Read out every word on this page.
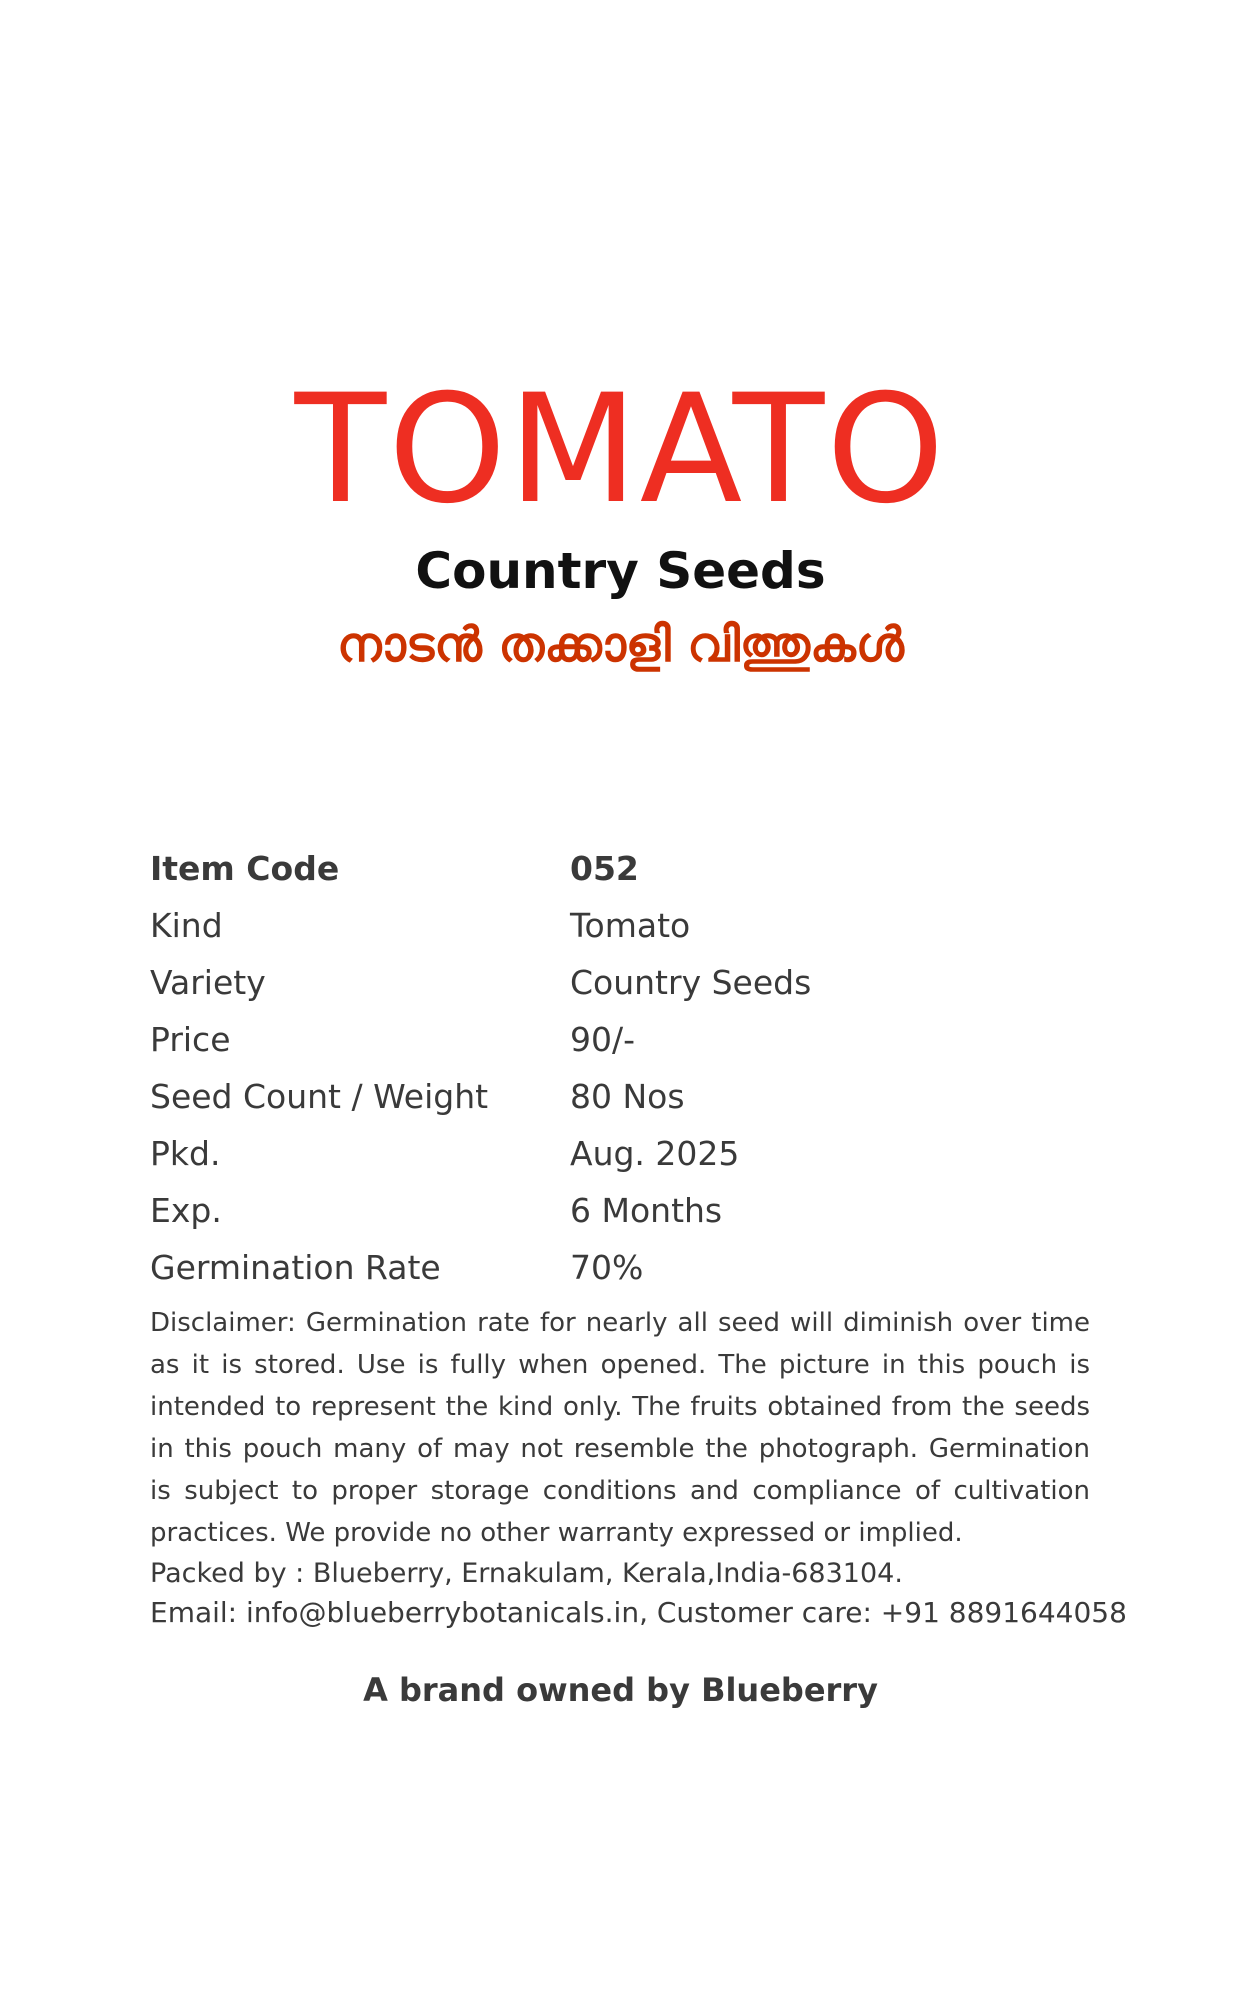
TOMATO
Country Seeds
നാടൻ തക്കാളി വിത്തുകൾ
Item Code	052
Kind	Tomato
Variety	Country Seeds
Price	90/-
Seed Count / Weight 80 Nos
Pkd.	Aug. 2025
Exp.	6 Months
Germination Rate	70%
Disclaimer: Germination rate for nearly all seed will diminish over time as it is stored. Use is fully when opened. The picture in this pouch is intended to represent the kind only. The fruits obtained from the seeds in this pouch many of may not resemble the photograph. Germination is subject to proper storage conditions and compliance of cultivation practices. We provide no other warranty expressed or implied.
Packed by : Blueberry, Ernakulam, Kerala,India-683104.
Email: info@blueberrybotanicals.in, Customer care: +91 8891644058
A brand owned by Blueberry
